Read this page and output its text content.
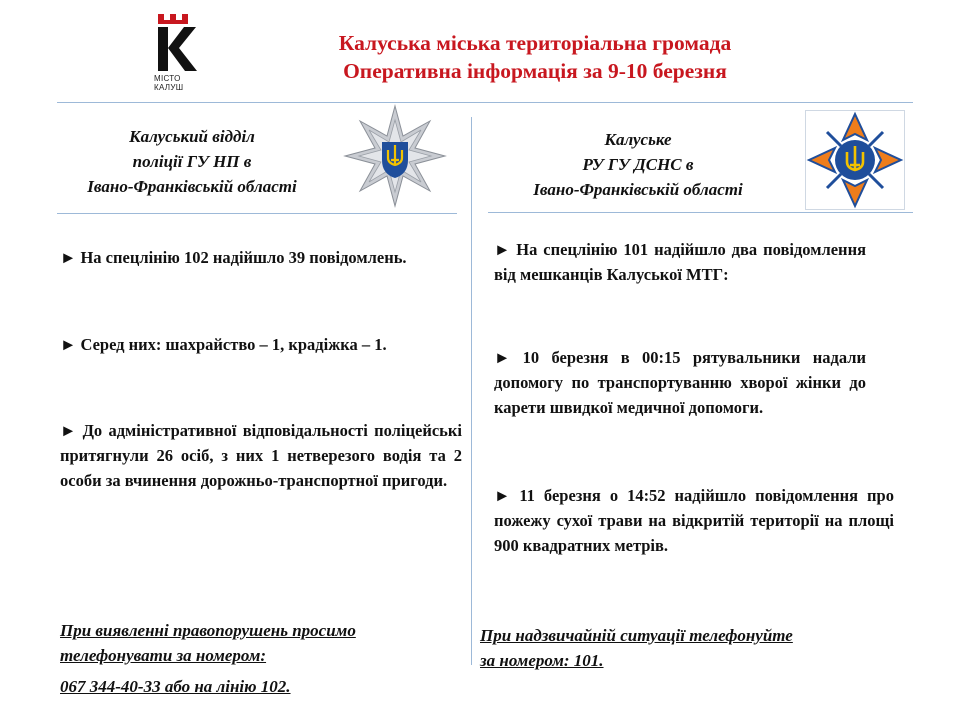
МІСТО
КАЛУШ
Калуська міська територіальна громада
Оперативна інформація за 9-10 березня
Калуський відділ
поліції ГУ НП в
Івано-Франківській області
Калуське
РУ ГУ ДСНС в
Івано-Франківській області
► На спецлінію 102 надійшло 39 повідомлень.
► Серед них: шахрайство – 1, крадіжка – 1.
► До адміністративної відповідальності поліцейські притягнули 26 осіб, з них 1 нетверезого водія та 2 особи за вчинення дорожньо-транспортної пригоди.
► На спецлінію 101 надійшло два повідомлення від мешканців Калуської МТГ:
► 10 березня в 00:15 рятувальники надали допомогу по транспортуванню хворої жінки до карети швидкої медичної допомоги.
► 11 березня о 14:52 надійшло повідомлення про пожежу сухої трави на відкритій території на площі 900 квадратних метрів.
При виявленні правопорушень просимо
телефонувати за номером:
067 344-40-33 або на лінію 102.
При надзвичайній ситуації телефонуйте
за номером: 101.
